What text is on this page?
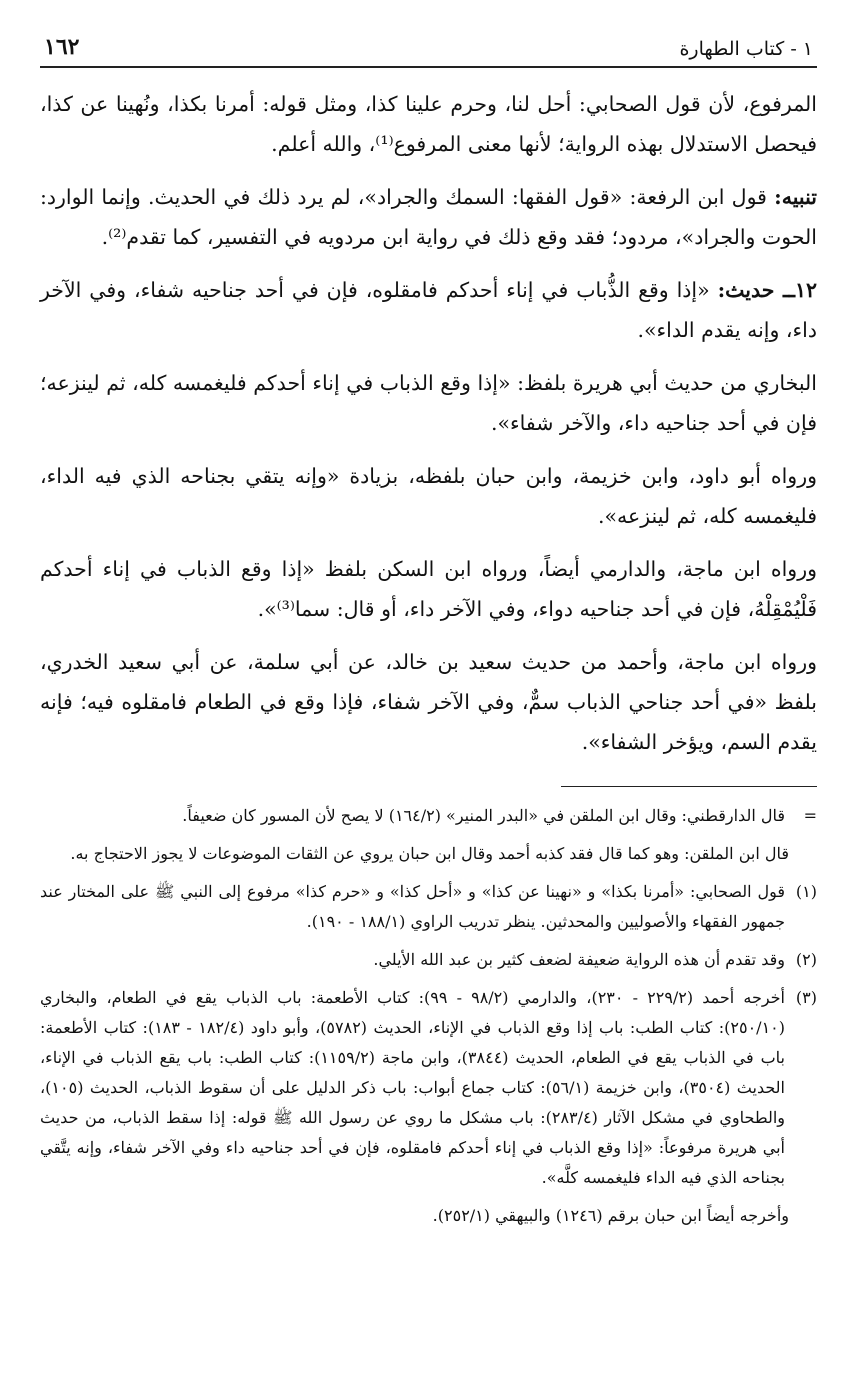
١ - كتاب الطهارة
١٦٢

المرفوع، لأن قول الصحابي: أحل لنا، وحرم علينا كذا، ومثل قوله: أمرنا بكذا، ونُهينا عن كذا، فيحصل الاستدلال بهذه الرواية؛ لأنها معنى المرفوع⁽¹⁾، والله أعلم.

تنبيه: قول ابن الرفعة: «قول الفقها: السمك والجراد»، لم يرد ذلك في الحديث. وإنما الوارد: الحوت والجراد»، مردود؛ فقد وقع ذلك في رواية ابن مردويه في التفسير، كما تقدم⁽²⁾.

١٢ــ حديث: «إذا وقع الذُّباب في إناء أحدكم فامقلوه، فإن في أحد جناحيه شفاء، وفي الآخر داء، وإنه يقدم الداء».

البخاري من حديث أبي هريرة بلفظ: «إذا وقع الذباب في إناء أحدكم فليغمسه كله، ثم لينزعه؛ فإن في أحد جناحيه داء، والآخر شفاء».

ورواه أبو داود، وابن خزيمة، وابن حبان بلفظه، بزيادة «وإنه يتقي بجناحه الذي فيه الداء، فليغمسه كله، ثم لينزعه».

ورواه ابن ماجة، والدارمي أيضاً، ورواه ابن السكن بلفظ «إذا وقع الذباب في إناء أحدكم فَلْيُمْقِلْهُ، فإن في أحد جناحيه دواء، وفي الآخر داء، أو قال: سما⁽³⁾».

ورواه ابن ماجة، وأحمد من حديث سعيد بن خالد، عن أبي سلمة، عن أبي سعيد الخدري، بلفظ «في أحد جناحي الذباب سمٌّ، وفي الآخر شفاء، فإذا وقع في الطعام فامقلوه فيه؛ فإنه يقدم السم، ويؤخر الشفاء».

=
قال الدارقطني: وقال ابن الملقن في «البدر المنير» (١٦٤/٢) لا يصح لأن المسور كان ضعيفاً.
قال ابن الملقن: وهو كما قال فقد كذبه أحمد وقال ابن حبان يروي عن الثقات الموضوعات لا يجوز الاحتجاج به.
(١)
قول الصحابي: «أمرنا بكذا» و «نهينا عن كذا» و «أحل كذا» و «حرم كذا» مرفوع إلى النبي ﷺ على المختار عند جمهور الفقهاء والأصوليين والمحدثين. ينظر تدريب الراوي (١٨٨/١ - ١٩٠).
(٢)
وقد تقدم أن هذه الرواية ضعيفة لضعف كثير بن عبد الله الأيلي.
(٣)
أخرجه أحمد (٢٢٩/٢ - ٢٣٠)، والدارمي (٩٨/٢ - ٩٩): كتاب الأطعمة: باب الذباب يقع في الطعام، والبخاري (٢٥٠/١٠): كتاب الطب: باب إذا وقع الذباب في الإناء، الحديث (٥٧٨٢)، وأبو داود (١٨٢/٤ - ١٨٣): كتاب الأطعمة: باب في الذباب يقع في الطعام، الحديث (٣٨٤٤)، وابن ماجة (١١٥٩/٢): كتاب الطب: باب يقع الذباب في الإناء، الحديث (٣٥٠٤)، وابن خزيمة (٥٦/١): كتاب جماع أبواب: باب ذكر الدليل على أن سقوط الذباب، الحديث (١٠٥)، والطحاوي في مشكل الآثار (٢٨٣/٤): باب مشكل ما روي عن رسول الله ﷺ قوله: إذا سقط الذباب، من حديث أبي هريرة مرفوعاً: «إذا وقع الذباب في إناء أحدكم فامقلوه، فإن في أحد جناحيه داء وفي الآخر شفاء، وإنه يتَّقي بجناحه الذي فيه الداء فليغمسه كلَّه».
وأخرجه أيضاً ابن حبان برقم (١٢٤٦) والبيهقي (٢٥٢/١).
